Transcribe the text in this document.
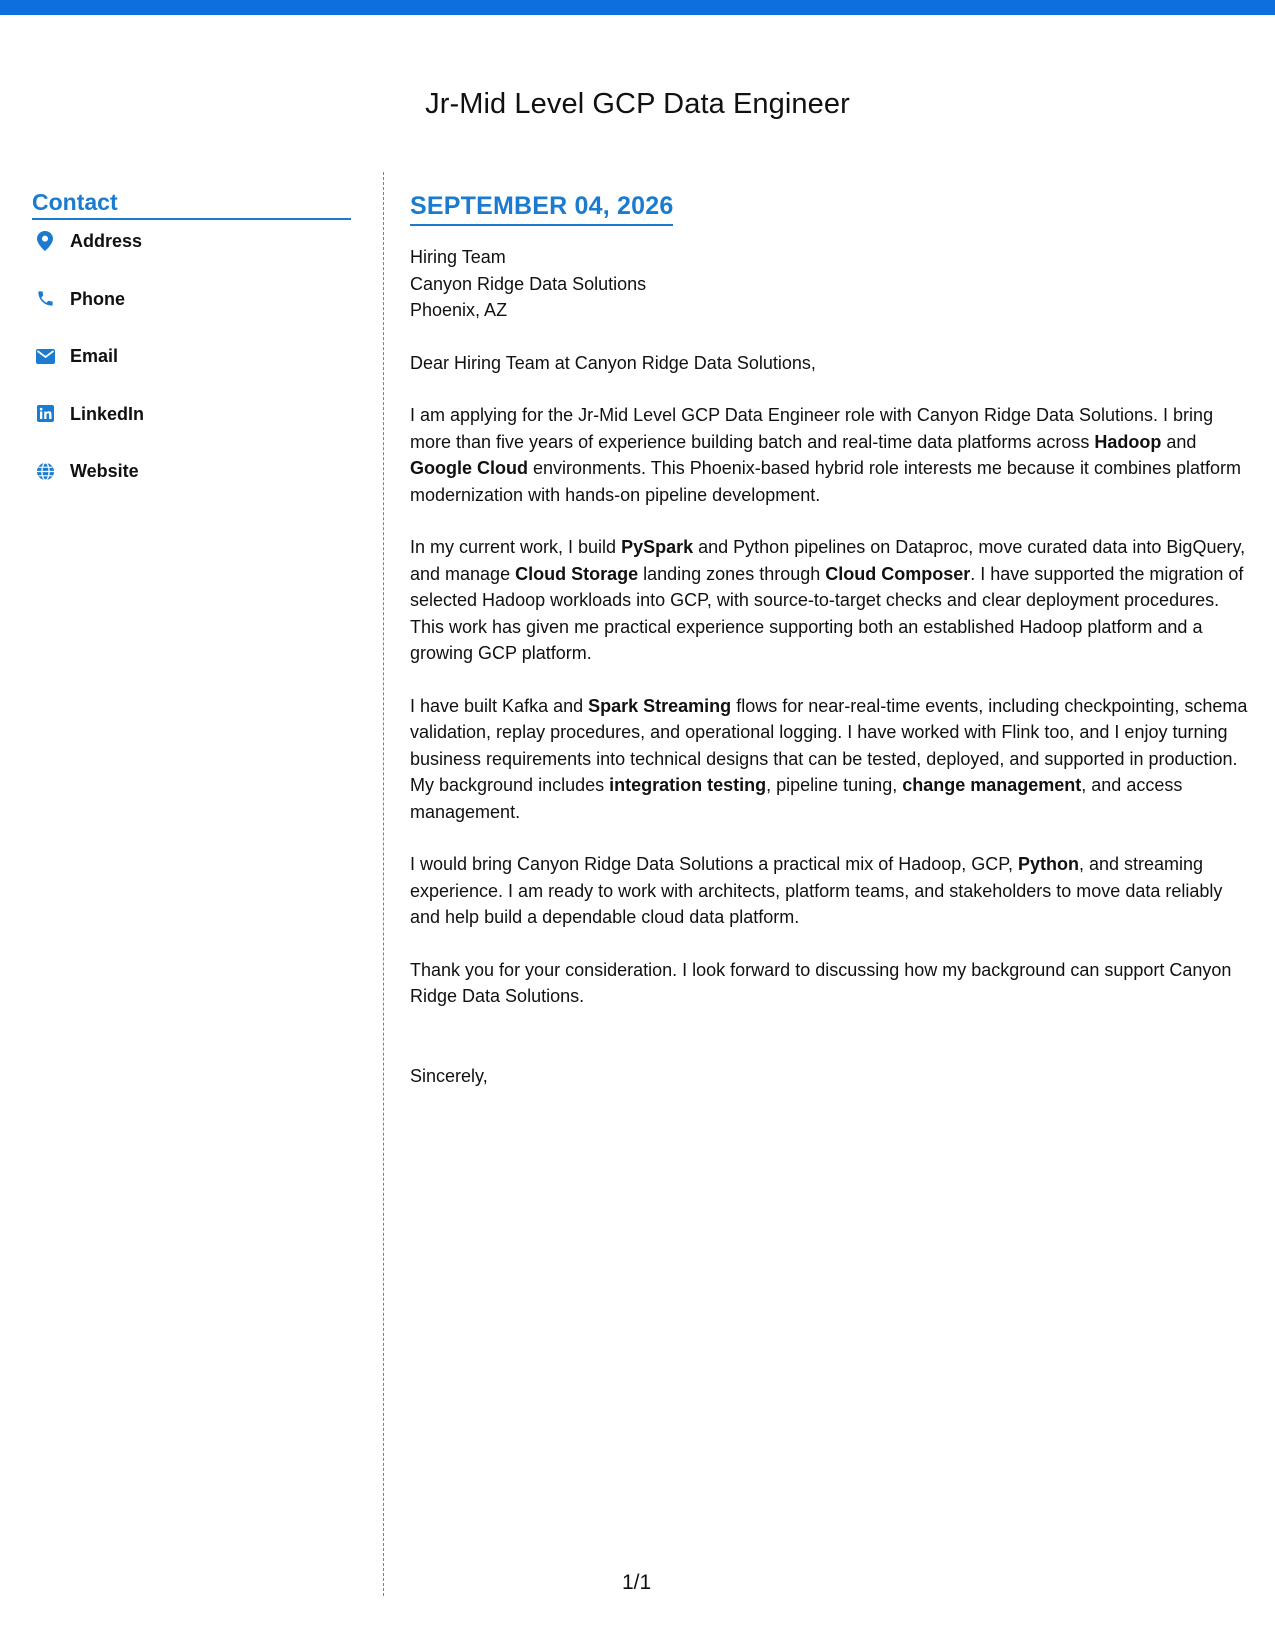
Jr-Mid Level GCP Data Engineer
Contact
Address
Phone
Email
LinkedIn
Website
SEPTEMBER 04, 2026
Hiring Team
Canyon Ridge Data Solutions
Phoenix, AZ

Dear Hiring Team at Canyon Ridge Data Solutions,

I am applying for the Jr-Mid Level GCP Data Engineer role with Canyon Ridge Data Solutions. I bring more than five years of experience building batch and real-time data platforms across Hadoop and Google Cloud environments. This Phoenix-based hybrid role interests me because it combines platform modernization with hands-on pipeline development.

In my current work, I build PySpark and Python pipelines on Dataproc, move curated data into BigQuery, and manage Cloud Storage landing zones through Cloud Composer. I have supported the migration of selected Hadoop workloads into GCP, with source-to-target checks and clear deployment procedures. This work has given me practical experience supporting both an established Hadoop platform and a growing GCP platform.

I have built Kafka and Spark Streaming flows for near-real-time events, including checkpointing, schema validation, replay procedures, and operational logging. I have worked with Flink too, and I enjoy turning business requirements into technical designs that can be tested, deployed, and supported in production. My background includes integration testing, pipeline tuning, change management, and access management.

I would bring Canyon Ridge Data Solutions a practical mix of Hadoop, GCP, Python, and streaming experience. I am ready to work with architects, platform teams, and stakeholders to move data reliably and help build a dependable cloud data platform.

Thank you for your consideration. I look forward to discussing how my background can support Canyon Ridge Data Solutions.

Sincerely,

1/1
